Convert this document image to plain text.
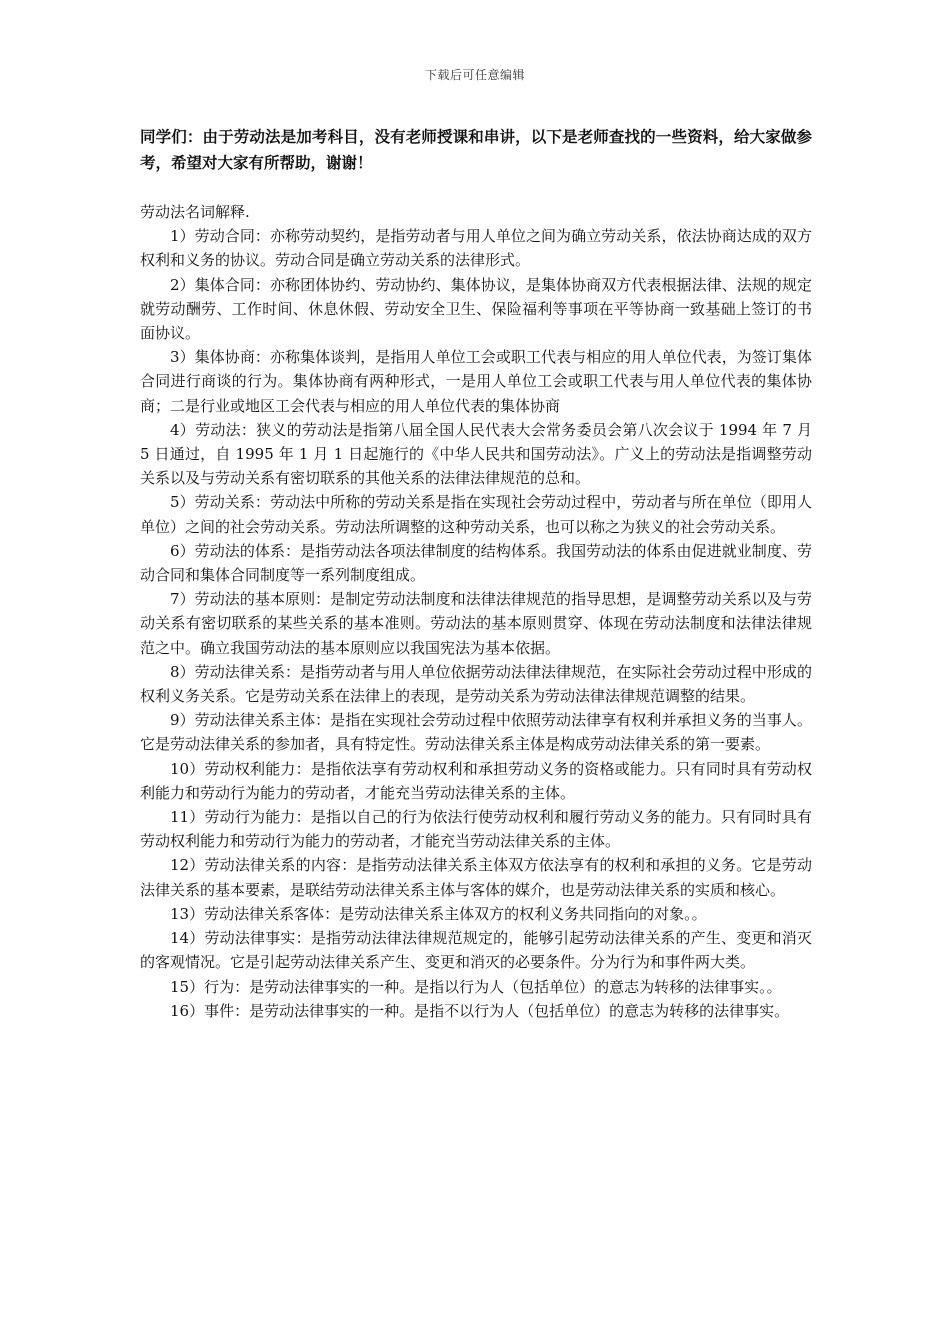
下载后可任意编辑

同学们：由于劳动法是加考科目，没有老师授课和串讲，以下是老师查找的一些资料，给大家做参考，希望对大家有所帮助，谢谢！

劳动法名词解释.

1）劳动合同：亦称劳动契约，是指劳动者与用人单位之间为确立劳动关系，依法协商达成的双方权利和义务的协议。劳动合同是确立劳动关系的法律形式。

2）集体合同：亦称团体协约、劳动协约、集体协议，是集体协商双方代表根据法律、法规的规定就劳动酬劳、工作时间、休息休假、劳动安全卫生、保险福利等事项在平等协商一致基础上签订的书面协议。

3）集体协商：亦称集体谈判，是指用人单位工会或职工代表与相应的用人单位代表，为签订集体合同进行商谈的行为。集体协商有两种形式，一是用人单位工会或职工代表与用人单位代表的集体协商；二是行业或地区工会代表与相应的用人单位代表的集体协商

4）劳动法：狭义的劳动法是指第八届全国人民代表大会常务委员会第八次会议于 1994 年 7 月 5 日通过，自 1995 年 1 月 1 日起施行的《中华人民共和国劳动法》。广义上的劳动法是指调整劳动关系以及与劳动关系有密切联系的其他关系的法律法律规范的总和。

5）劳动关系：劳动法中所称的劳动关系是指在实现社会劳动过程中，劳动者与所在单位（即用人单位）之间的社会劳动关系。劳动法所调整的这种劳动关系，也可以称之为狭义的社会劳动关系。

6）劳动法的体系：是指劳动法各项法律制度的结构体系。我国劳动法的体系由促进就业制度、劳动合同和集体合同制度等一系列制度组成。

7）劳动法的基本原则：是制定劳动法制度和法律法律规范的指导思想，是调整劳动关系以及与劳动关系有密切联系的某些关系的基本准则。劳动法的基本原则贯穿、体现在劳动法制度和法律法律规范之中。确立我国劳动法的基本原则应以我国宪法为基本依据。

8）劳动法律关系：是指劳动者与用人单位依据劳动法律法律规范，在实际社会劳动过程中形成的权利义务关系。它是劳动关系在法律上的表现，是劳动关系为劳动法律法律规范调整的结果。

9）劳动法律关系主体：是指在实现社会劳动过程中依照劳动法律享有权利并承担义务的当事人。它是劳动法律关系的参加者，具有特定性。劳动法律关系主体是构成劳动法律关系的第一要素。

10）劳动权利能力：是指依法享有劳动权利和承担劳动义务的资格或能力。只有同时具有劳动权利能力和劳动行为能力的劳动者，才能充当劳动法律关系的主体。

11）劳动行为能力：是指以自己的行为依法行使劳动权利和履行劳动义务的能力。只有同时具有劳动权利能力和劳动行为能力的劳动者，才能充当劳动法律关系的主体。

12）劳动法律关系的内容：是指劳动法律关系主体双方依法享有的权利和承担的义务。它是劳动法律关系的基本要素，是联结劳动法律关系主体与客体的媒介，也是劳动法律关系的实质和核心。

13）劳动法律关系客体：是劳动法律关系主体双方的权利义务共同指向的对象。。

14）劳动法律事实：是指劳动法律法律规范规定的，能够引起劳动法律关系的产生、变更和消灭的客观情况。它是引起劳动法律关系产生、变更和消灭的必要条件。分为行为和事件两大类。

15）行为：是劳动法律事实的一种。是指以行为人（包括单位）的意志为转移的法律事实。。

16）事件：是劳动法律事实的一种。是指不以行为人（包括单位）的意志为转移的法律事实。
